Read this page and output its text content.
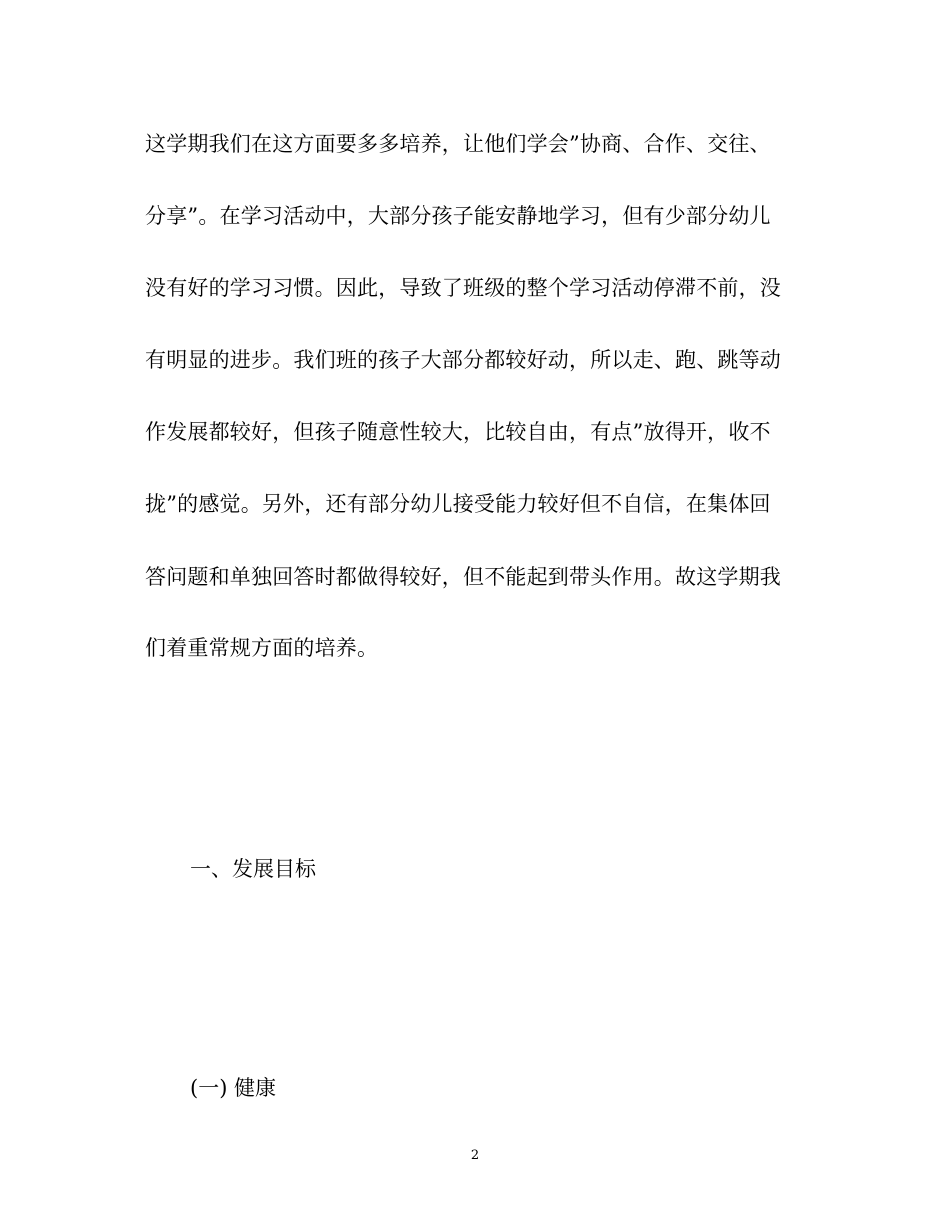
这学期我们在这方面要多多培养，让他们学会”协商、合作、交往、
分享”。在学习活动中，大部分孩子能安静地学习，但有少部分幼儿
没有好的学习习惯。因此，导致了班级的整个学习活动停滞不前，没
有明显的进步。我们班的孩子大部分都较好动，所以走、跑、跳等动
作发展都较好，但孩子随意性较大，比较自由，有点”放得开，收不
拢”的感觉。另外，还有部分幼儿接受能力较好但不自信，在集体回
答问题和单独回答时都做得较好，但不能起到带头作用。故这学期我
们着重常规方面的培养。
一、发展目标
(一) 健康
2
